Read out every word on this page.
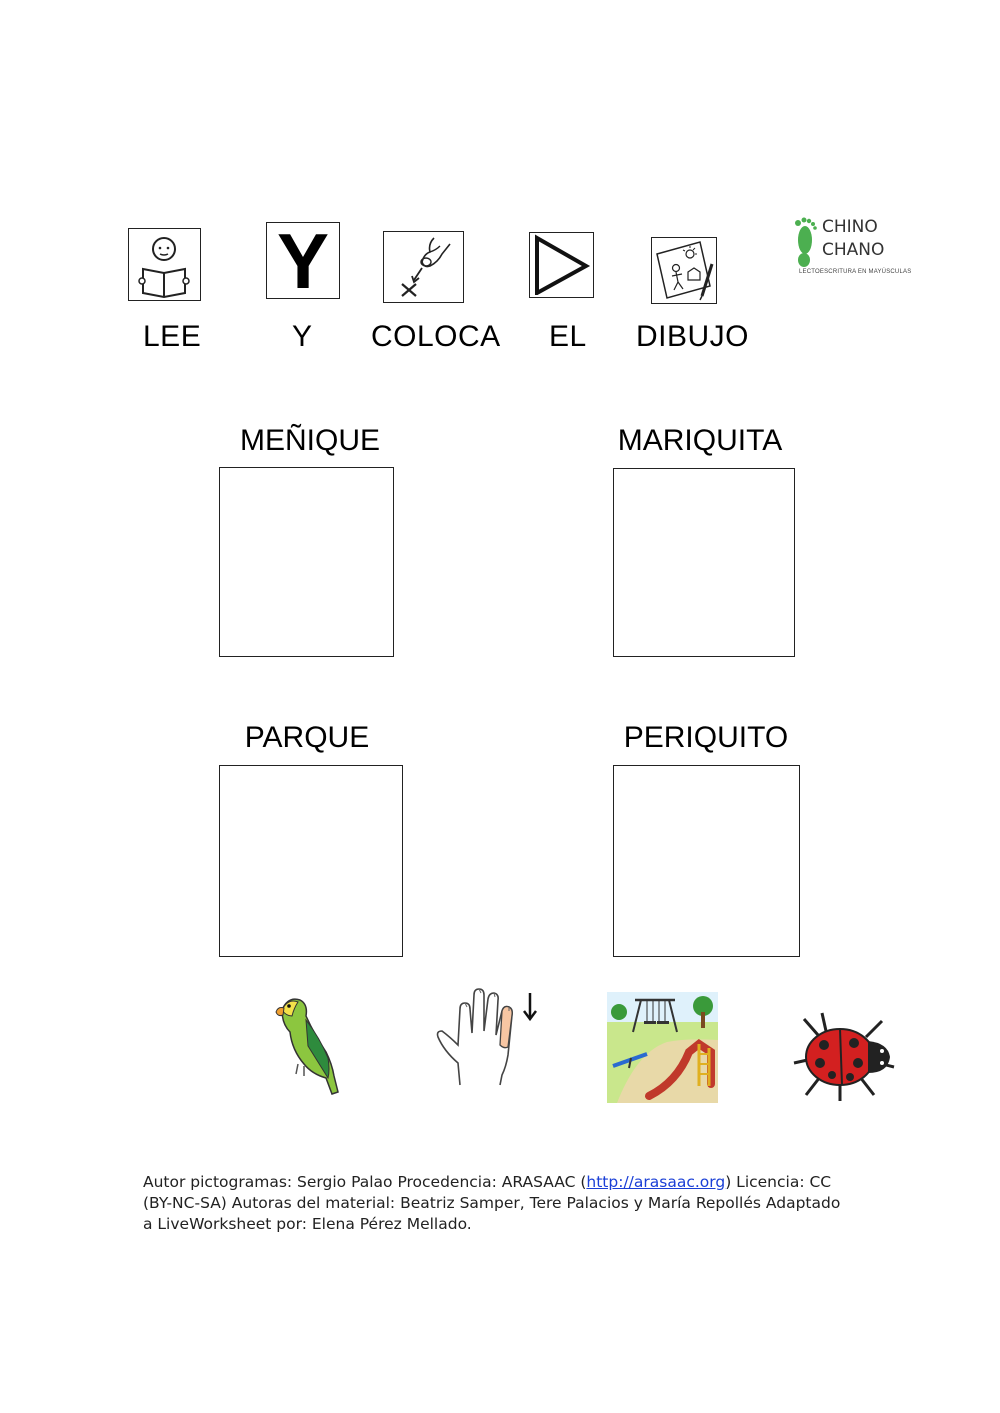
Y
LEE	Y COLOCA EL DIBUJO
CHINO
CHANO
LECTOESCRITURA EN MAYÚSCULAS
MEÑIQUE	MARIQUITA
PARQUE	PERIQUITO
Autor pictogramas: Sergio Palao Procedencia: ARASAAC (http://arasaac.org) Licencia: CC (BY-NC-SA) Autoras del material: Beatriz Samper, Tere Palacios y María Repollés Adaptado a LiveWorksheet por: Elena Pérez Mellado.
